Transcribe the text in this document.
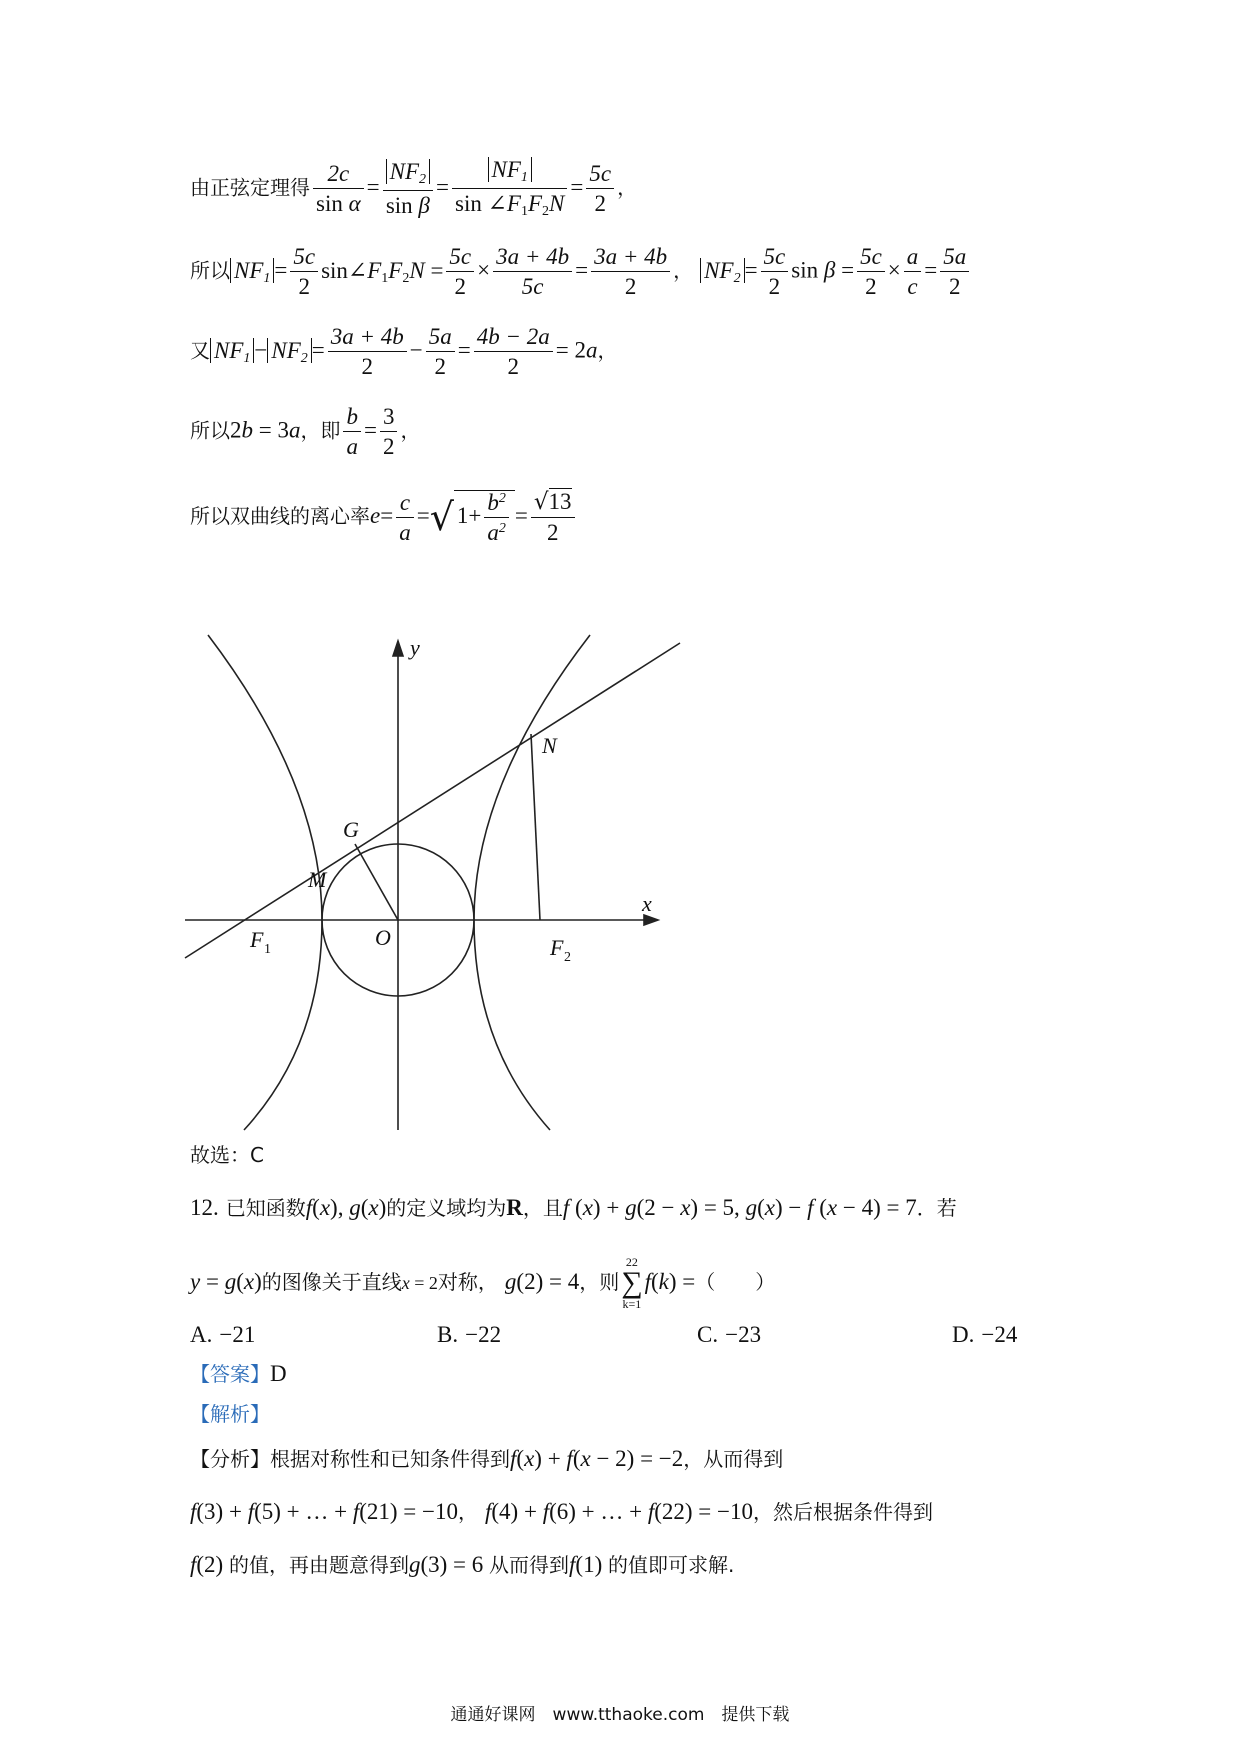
由正弦定理得 $\frac{2c}{\text{sin α}} = \frac{NF_2}{\text{sin β}} = \frac{NF_1}{\sin \angle F_1F_2N} = \frac{5c}{2}$ ，
所以 $NF_1 = \frac{5c}{2}$ $\sin\angle F_1F_2N = \frac{5c}{2} \times \frac{3a + 4b}{5c} = \frac{3a + 4b}{2}$ ， $NF_2 = \frac{5c}{2}$ $\sin \beta = \frac{5c}{2} \times \frac{a}{c} = \frac{5a}{2}$
又 $NF_1 - NF_2 = \frac{3a + 4b}{2} - \frac{5a}{2} = \frac{4b - 2a}{2} = 2a$，
所以2b = 3a，即 $\frac{b}{a} = \frac{3}{2}$ ，
所以双曲线的离心率$e= \frac{c}{a}$ =√ $1+ \frac{b^2}{a^2} = \frac{√13}{2}$
y
x
N
G
M
O
F 1	F 2
故选：C
12. 已知函数f(x), g(x)的定义域均为R，且f (x) + g(2 − x) = 5, g(x) − f (x − 4) = 7．若
y = g(x)的图像关于直线x = 2对称， g(2) = 4，则
22
∑
k=1
f(k) =（　　）
A. −21	B. −22	C. −23	D. −24
【答案】D
【解析】
【分析】根据对称性和已知条件得到f(x) + f(x − 2) = −2，从而得到
f(3) + f(5) + … + f(21) = −10， f(4) + f(6) + … + f(22) = −10，然后根据条件得到
f(2) 的值，再由题意得到g(3) = 6 从而得到f(1) 的值即可求解.
通通好课网　www.tthaoke.com　提供下载
